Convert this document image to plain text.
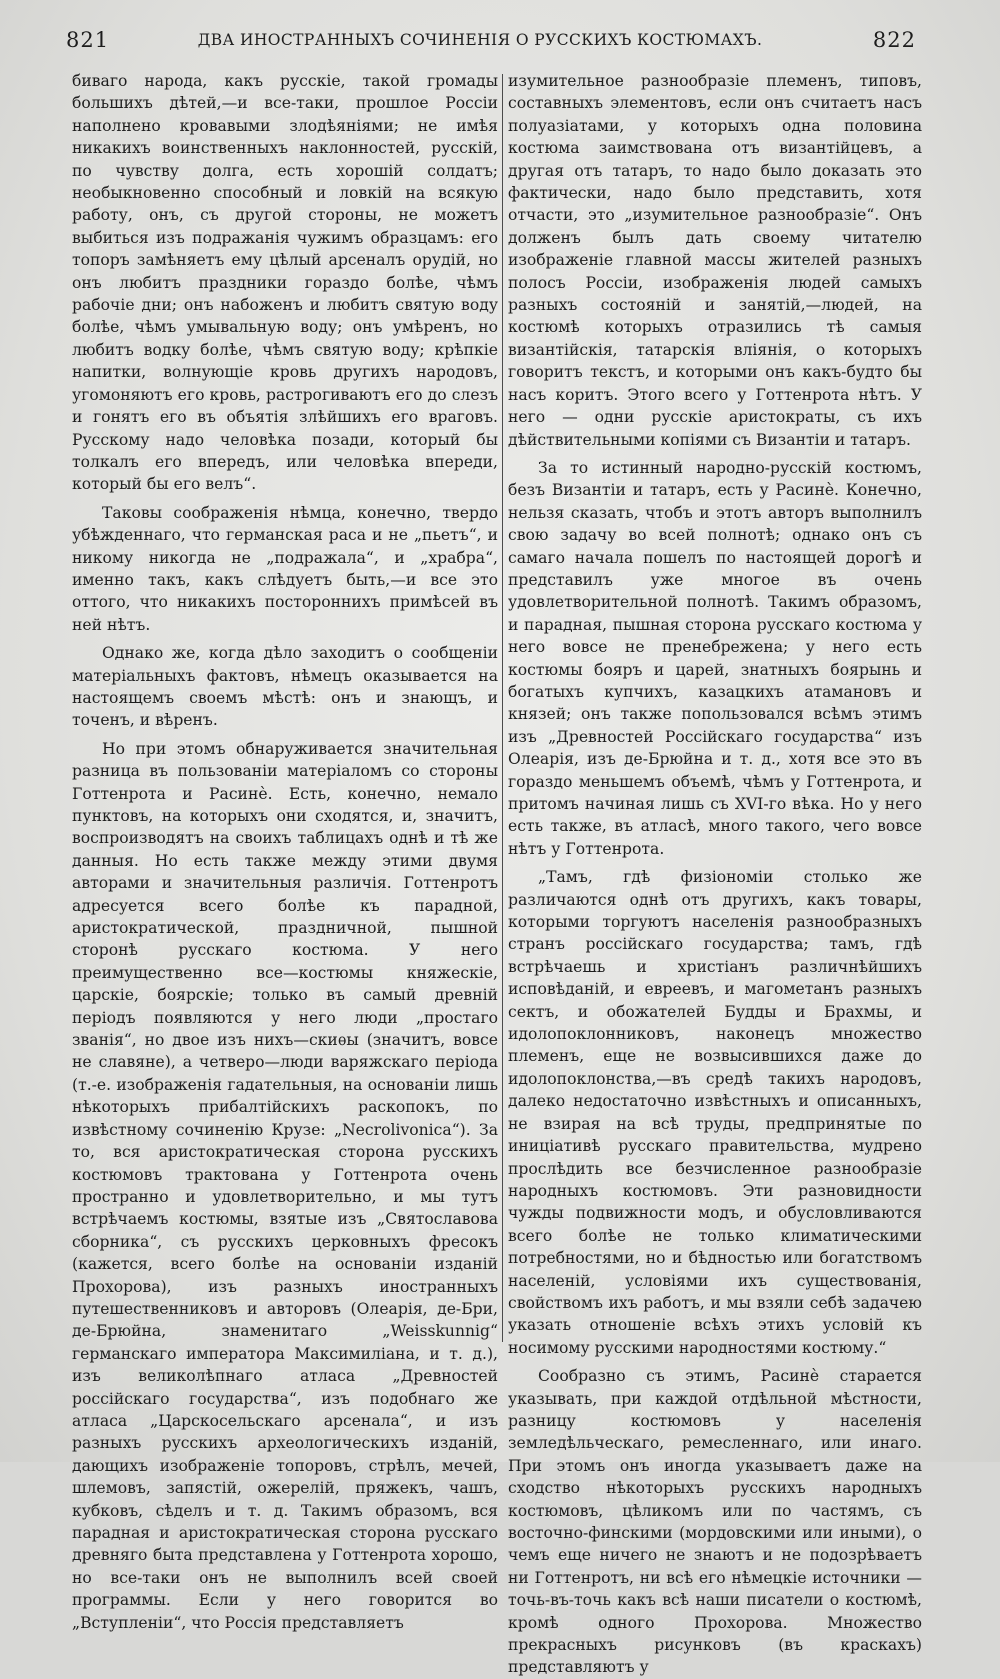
821	ДВА ИНОСТРАННЫХЪ СОЧИНЕНІЯ О РУССКИХЪ КОСТЮМАХЪ.	822

биваго народа, какъ русскіе, такой громады большихъ дѣтей,—и все-таки, прошлое Россіи наполнено кровавыми злодѣяніями; не имѣя никакихъ воинственныхъ наклонностей, русскій, по чувству долга, есть хорошій солдатъ; необыкновенно способный и ловкій на всякую работу, онъ, съ другой стороны, не можетъ выбиться изъ подражанія чужимъ образцамъ: его топоръ замѣняетъ ему цѣлый арсеналъ орудій, но онъ любитъ праздники гораздо болѣе, чѣмъ рабочіе дни; онъ набоженъ и любитъ святую воду болѣе, чѣмъ умывальную воду; онъ умѣренъ, но любитъ водку болѣе, чѣмъ святую воду; крѣпкіе напитки, волнующіе кровь другихъ народовъ, угомоняютъ его кровь, растрогиваютъ его до слезъ и гонятъ его въ объятія злѣйшихъ его враговъ. Русскому надо человѣка позади, который бы толкалъ его впередъ, или человѣка впереди, который бы его велъ“.

Таковы соображенія нѣмца, конечно, твердо убѣжденнаго, что германская раса и не „пьетъ“, и никому никогда не „подражала“, и „храбра“, именно такъ, какъ слѣдуетъ быть,—и все это оттого, что никакихъ постороннихъ примѣсей въ ней нѣтъ.

Однако же, когда дѣло заходитъ о сообщеніи матеріальныхъ фактовъ, нѣмецъ оказывается на настоящемъ своемъ мѣстѣ: онъ и знающъ, и точенъ, и вѣренъ.

Но при этомъ обнаруживается значительная разница въ пользованіи матеріаломъ со стороны Готтенрота и Расинѐ. Есть, конечно, немало пунктовъ, на которыхъ они сходятся, и, значитъ, воспроизводятъ на своихъ таблицахъ однѣ и тѣ же данныя. Но есть также между этими двумя авторами и значительныя различія. Готтенротъ адресуется всего болѣе къ парадной, аристократической, праздничной, пышной сторонѣ русскаго костюма. У него преимущественно все—костюмы княжескіе, царскіе, боярскіе; только въ самый древній періодъ появляются у него люди „простаго званія“, но двое изъ нихъ—скиѳы (значитъ, вовсе не славяне), а четверо—люди варяжскаго періода (т.-е. изображенія гадательныя, на основаніи лишь нѣкоторыхъ прибалтійскихъ раскопокъ, по извѣстному сочиненію Крузе: „Necrolivonica“). За то, вся аристократическая сторона русскихъ костюмовъ трактована у Готтенрота очень пространно и удовлетворительно, и мы тутъ встрѣчаемъ костюмы, взятые изъ „Святославова сборника“, съ русскихъ церковныхъ фресокъ (кажется, всего болѣе на основаніи изданій Прохорова), изъ разныхъ иностранныхъ путешественниковъ и авторовъ (Олеарія, де-Бри, де-Брюйна, знаменитаго „Weisskunnig“ германскаго императора Максимиліана, и т. д.), изъ великолѣпнаго атласа „Древностей россійскаго государства“, изъ подобнаго же атласа „Царскосельскаго арсенала“, и изъ разныхъ русскихъ археологическихъ изданій, дающихъ изображеніе топоровъ, стрѣлъ, мечей, шлемовъ, запястій, ожерелій, пряжекъ, чашъ, кубковъ, сѣделъ и т. д. Такимъ образомъ, вся парадная и аристократическая сторона русскаго древняго быта представлена у Готтенрота хорошо, но все-таки онъ не выполнилъ всей своей программы. Если у него говорится во „Вступленіи“, что Россія представляетъ

изумительное разнообразіе племенъ, типовъ, составныхъ элементовъ, если онъ считаетъ насъ полуазіатами, у которыхъ одна половина костюма заимствована отъ византійцевъ, а другая отъ татаръ, то надо было доказать это фактически, надо было представить, хотя отчасти, это „изумительное разнообразіе“. Онъ долженъ былъ дать своему читателю изображеніе главной массы жителей разныхъ полосъ Россіи, изображенія людей самыхъ разныхъ состояній и занятій,—людей, на костюмѣ которыхъ отразились тѣ самыя византійскія, татарскія вліянія, о которыхъ говоритъ текстъ, и которыми онъ какъ-будто бы насъ коритъ. Этого всего у Готтенрота нѣтъ. У него — одни русскіе аристократы, съ ихъ дѣйствительными копіями съ Византіи и татаръ.

За то истинный народно-русскій костюмъ, безъ Византіи и татаръ, есть у Расинѐ. Конечно, нельзя сказать, чтобъ и этотъ авторъ выполнилъ свою задачу во всей полнотѣ; однако онъ съ самаго начала пошелъ по настоящей дорогѣ и представилъ уже многое въ очень удовлетворительной полнотѣ. Такимъ образомъ, и парадная, пышная сторона русскаго костюма у него вовсе не пренебрежена; у него есть костюмы бояръ и царей, знатныхъ боярынь и богатыхъ купчихъ, казацкихъ атамановъ и князей; онъ также попользовался всѣмъ этимъ изъ „Древностей Россійскаго государства“ изъ Олеарія, изъ де-Брюйна и т. д., хотя все это въ гораздо меньшемъ объемѣ, чѣмъ у Готтенрота, и притомъ начиная лишь съ XVI-го вѣка. Но у него есть также, въ атласѣ, много такого, чего вовсе нѣтъ у Готтенрота.

„Тамъ, гдѣ физіономіи столько же различаются однѣ отъ другихъ, какъ товары, которыми торгуютъ населенія разнообразныхъ странъ россійскаго государства; тамъ, гдѣ встрѣчаешь и христіанъ различнѣйшихъ исповѣданій, и евреевъ, и магометанъ разныхъ сектъ, и обожателей Будды и Брахмы, и идолопоклонниковъ, наконецъ множество племенъ, еще не возвысившихся даже до идолопоклонства,—въ средѣ такихъ народовъ, далеко недостаточно извѣстныхъ и описанныхъ, не взирая на всѣ труды, предпринятые по иниціативѣ русскаго правительства, мудрено прослѣдить все безчисленное разнообразіе народныхъ костюмовъ. Эти разновидности чужды подвижности модъ, и обусловливаются всего болѣе не только климатическими потребностями, но и бѣдностью или богатствомъ населеній, условіями ихъ существованія, свойствомъ ихъ работъ, и мы взяли себѣ задачею указать отношеніе всѣхъ этихъ условій къ носимому русскими народностями костюму.“

Сообразно съ этимъ, Расинѐ старается указывать, при каждой отдѣльной мѣстности, разницу костюмовъ у населенія земледѣльческаго, ремесленнаго, или инаго. При этомъ онъ иногда указываетъ даже на сходство нѣкоторыхъ русскихъ народныхъ костюмовъ, цѣликомъ или по частямъ, съ восточно-финскими (мордовскими или иными), о чемъ еще ничего не знаютъ и не подозрѣваетъ ни Готтенротъ, ни всѣ его нѣмецкіе источники — точь-въ-точь какъ всѣ наши писатели о костюмѣ, кромѣ одного Прохорова. Множество прекрасныхъ рисунковъ (въ краскахъ) представляютъ у
